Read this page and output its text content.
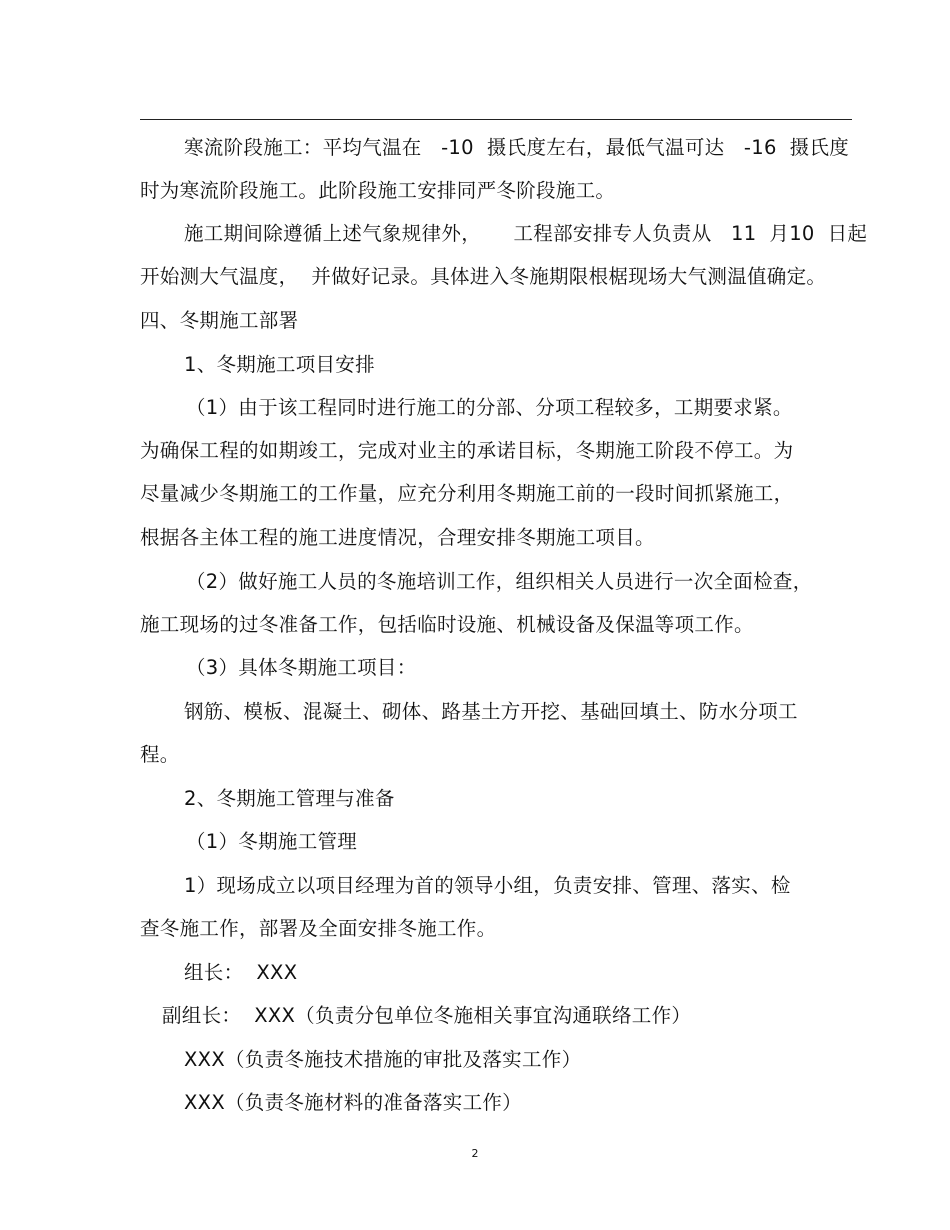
寒流阶段施工：平均气温在   -10  摄氏度左右，最低气温可达   -16  摄氏度
时为寒流阶段施工。此阶段施工安排同严冬阶段施工。
施工期间除遵循上述气象规律外，     工程部安排专人负责从   11  月10  日起
开始测大气温度，  并做好记录。具体进入冬施期限根椐现场大气测温值确定。
四、冬期施工部署
1、冬期施工项目安排
（1）由于该工程同时进行施工的分部、分项工程较多，工期要求紧。
为确保工程的如期竣工，完成对业主的承诺目标，冬期施工阶段不停工。为
尽量减少冬期施工的工作量，应充分利用冬期施工前的一段时间抓紧施工，
根据各主体工程的施工进度情况，合理安排冬期施工项目。
（2）做好施工人员的冬施培训工作，组织相关人员进行一次全面检查，
施工现场的过冬准备工作，包括临时设施、机械设备及保温等项工作。
（3）具体冬期施工项目：
钢筋、模板、混凝土、砌体、路基土方开挖、基础回填土、防水分项工
程。
2、冬期施工管理与准备
（1）冬期施工管理
1）现场成立以项目经理为首的领导小组，负责安排、管理、落实、检
查冬施工作，部署及全面安排冬施工作。
组长：  XXX
副组长：  XXX（负责分包单位冬施相关事宜沟通联络工作）
XXX（负责冬施技术措施的审批及落实工作）
XXX（负责冬施材料的准备落实工作）
2
